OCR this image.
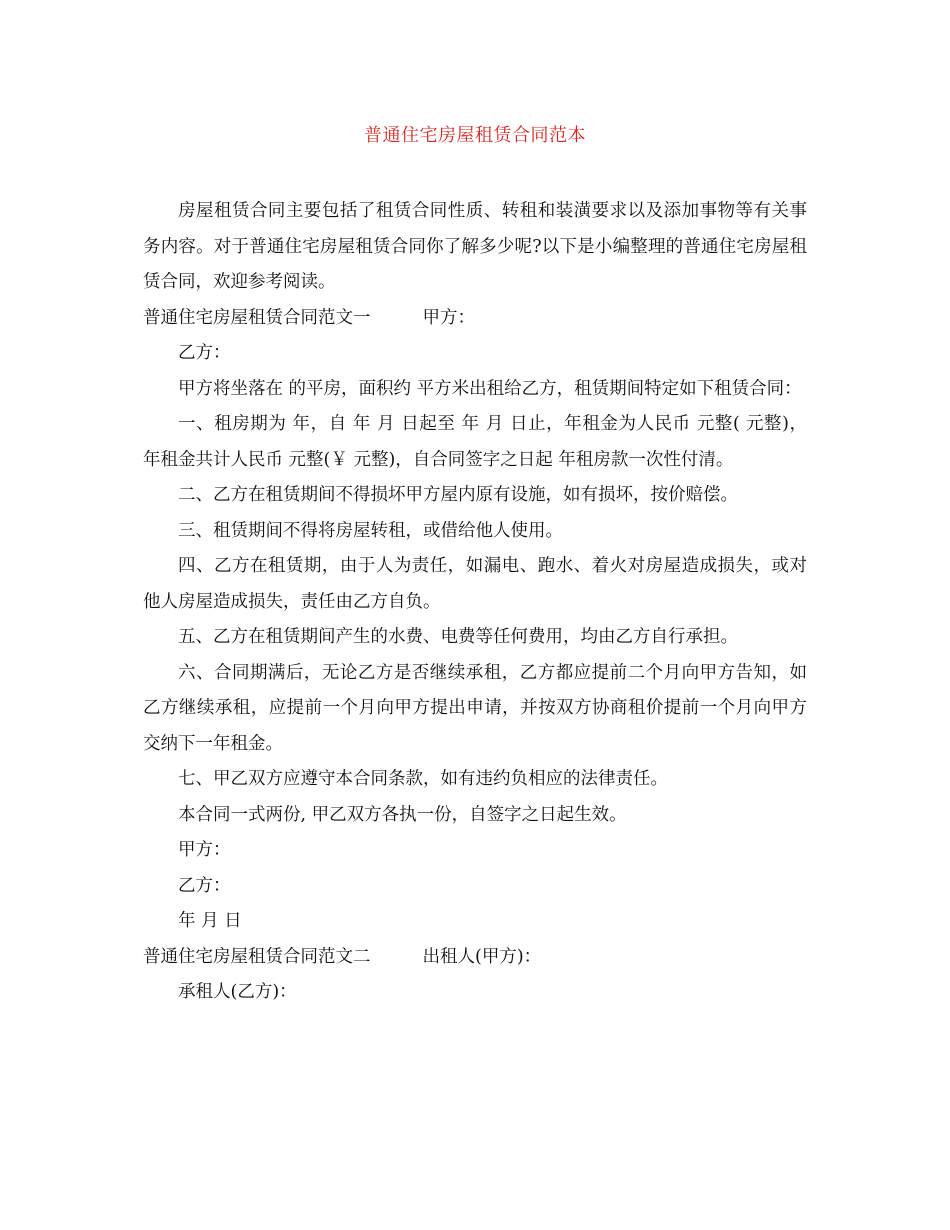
普通住宅房屋租赁合同范本

房屋租赁合同主要包括了租赁合同性质、转租和装潢要求以及添加事物等有关事务内容。对于普通住宅房屋租赁合同你了解多少呢?以下是小编整理的普通住宅房屋租赁合同，欢迎参考阅读。

普通住宅房屋租赁合同范文一	甲方：

乙方：

甲方将坐落在 的平房，面积约 平方米出租给乙方，租赁期间特定如下租赁合同：

一、租房期为 年，自 年 月 日起至 年 月 日止，年租金为人民币 元整( 元整)， 年租金共计人民币 元整(￥ 元整)，自合同签字之日起 年租房款一次性付清。

二、乙方在租赁期间不得损坏甲方屋内原有设施，如有损坏，按价赔偿。

三、租赁期间不得将房屋转租，或借给他人使用。

四、乙方在租赁期，由于人为责任，如漏电、跑水、着火对房屋造成损失，或对他人房屋造成损失，责任由乙方自负。

五、乙方在租赁期间产生的水费、电费等任何费用，均由乙方自行承担。

六、合同期满后，无论乙方是否继续承租，乙方都应提前二个月向甲方告知，如乙方继续承租，应提前一个月向甲方提出申请，并按双方协商租价提前一个月向甲方交纳下一年租金。

七、甲乙双方应遵守本合同条款，如有违约负相应的法律责任。

本合同一式两份, 甲乙双方各执一份，自签字之日起生效。

甲方：

乙方：

年 月 日

普通住宅房屋租赁合同范文二	出租人(甲方)：

承租人(乙方)：
